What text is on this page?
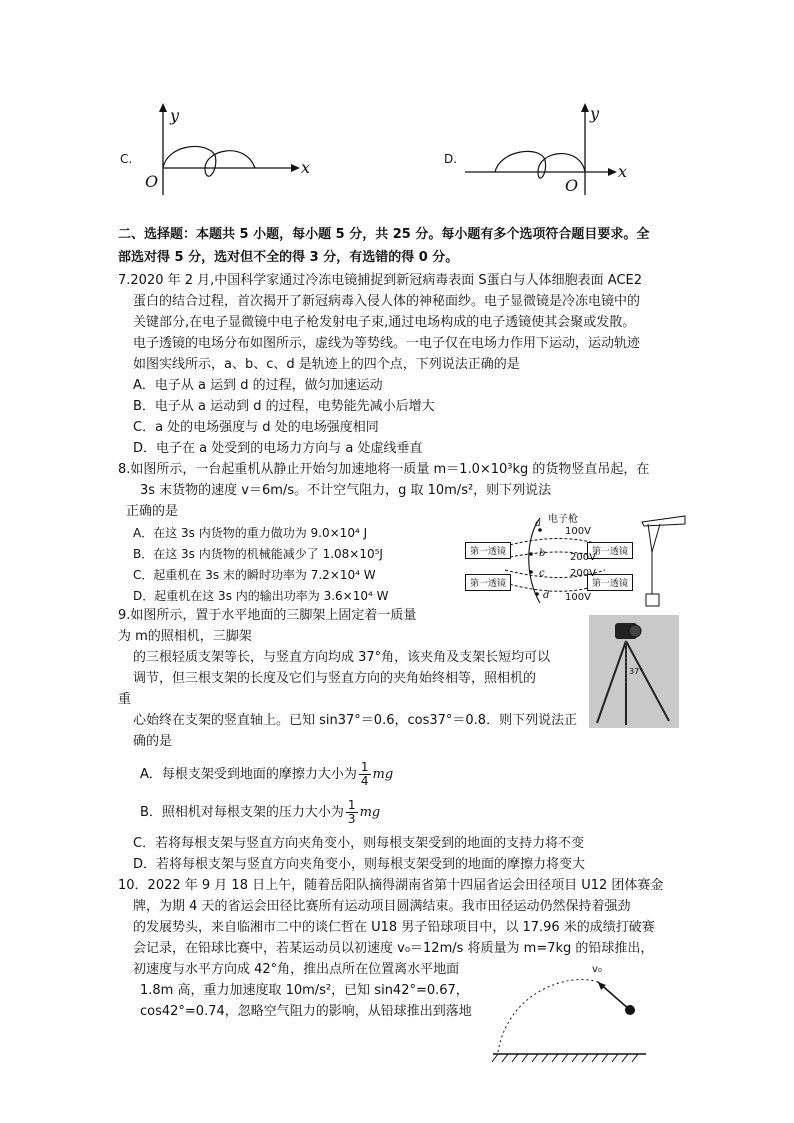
C.
y
x
O
D.
y
x
O
二、选择题：本题共 5 小题，每小题 5 分，共 25 分。每小题有多个选项符合题目要求。全
部选对得 5 分，选对但不全的得 3 分，有选错的得 0 分。
7.2020 年 2 月,中国科学家通过冷冻电镜捕捉到新冠病毒表面 S蛋白与人体细胞表面 ACE2
蛋白的结合过程，首次揭开了新冠病毒入侵人体的神秘面纱。电子显微镜是冷冻电镜中的
关键部分,在电子显微镜中电子枪发射电子束,通过电场构成的电子透镜使其会聚或发散。
电子透镜的电场分布如图所示，虚线为等势线。一电子仅在电场力作用下运动，运动轨迹
如图实线所示，a、b、c、d 是轨迹上的四个点，下列说法正确的是
A．电子从 a 运到 d 的过程，做匀加速运动
B．电子从 a 运动到 d 的过程，电势能先减小后增大
C．a 处的电场强度与 d 处的电场强度相同
D．电子在 a 处受到的电场力方向与 a 处虚线垂直
8.如图所示，一台起重机从静止开始匀加速地将一质量 m＝1.0×10³kg 的货物竖直吊起，在
3s 末货物的速度 v＝6m/s。不计空气阻力，g 取 10m/s²，则下列说法
正确的是
A．在这 3s 内货物的重力做功为 9.0×10⁴ J
B．在这 3s 内货物的机械能减少了 1.08×10⁵J
C．起重机在 3s 末的瞬时功率为 7.2×10⁴ W
D．起重机在这 3s 内的输出功率为 3.6×10⁴ W
电子枪
第一透镜	第一透镜
第一透镜	第一透镜
100V
200V
200V
100V
a
b
c
d
9.如图所示，置于水平地面的三脚架上固定着一质量
为 m的照相机，三脚架
的三根轻质支架等长，与竖直方向均成 37°角，该夹角及支架长短均可以
调节，但三根支架的长度及它们与竖直方向的夹角始终相等，照相机的
重
心始终在支架的竖直轴上。已知 sin37°＝0.6，cos37°＝0.8．则下列说法正
确的是
A．每根支架受到地面的摩擦力大小为 $\frac{1}{4}$ mg
B．照相机对每根支架的压力大小为 $\frac{1}{3}$ mg
C．若将每根支架与竖直方向夹角变小，则每根支架受到的地面的支持力将不变
D．若将每根支架与竖直方向夹角变小，则每根支架受到的地面的摩擦力将变大
37°
10．2022 年 9 月 18 日上午，随着岳阳队摘得湖南省第十四届省运会田径项目 U12 团体赛金
牌，为期 4 天的省运会田径比赛所有运动项目圆满结束。我市田径运动仍然保持着强劲
的发展势头，来自临湘市二中的谈仁哲在 U18 男子铅球项目中，以 17.96 米的成绩打破赛
会记录，在铅球比赛中，若某运动员以初速度 v₀＝12m/s 将质量为 m=7kg 的铅球推出，
初速度与水平方向成 42°角，推出点所在位置离水平地面
1.8m 高，重力加速度取 10m/s²，已知 sin42°=0.67，
cos42°=0.74，忽略空气阻力的影响，从铅球推出到落地
v₀
